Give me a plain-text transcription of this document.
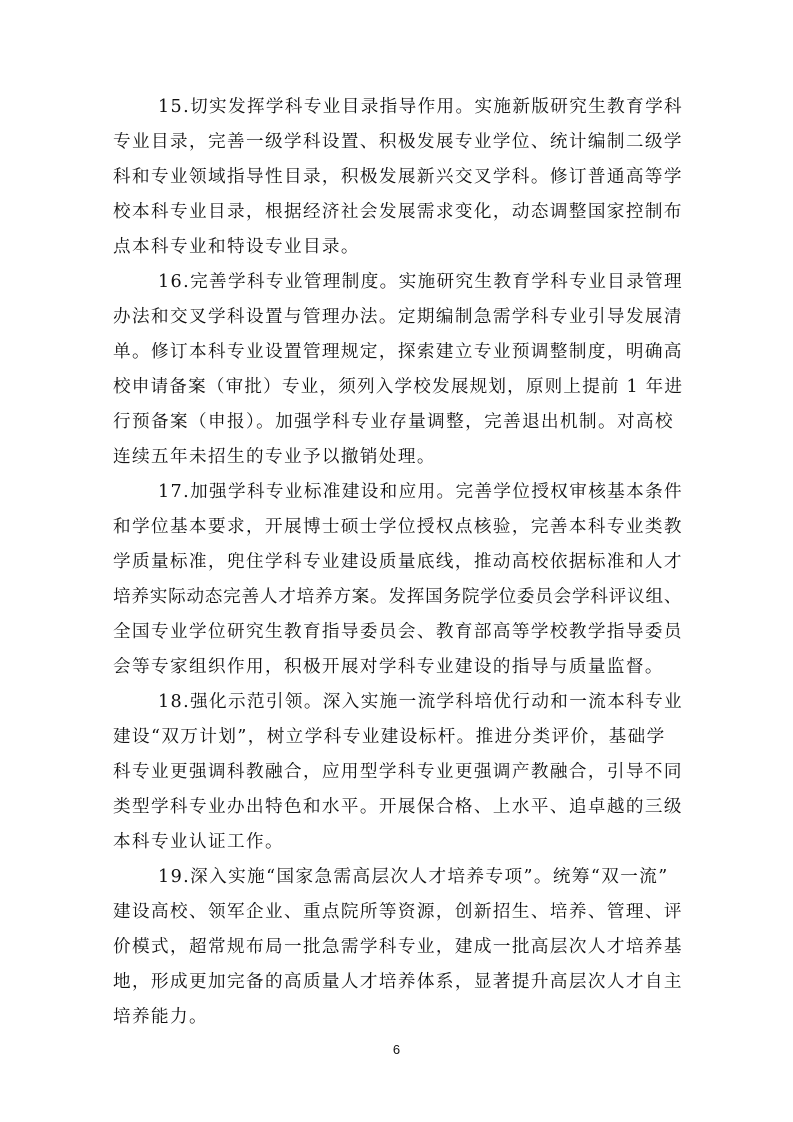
15.切实发挥学科专业目录指导作用。实施新版研究生教育学科
专业目录，完善一级学科设置、积极发展专业学位、统计编制二级学
科和专业领域指导性目录，积极发展新兴交叉学科。修订普通高等学
校本科专业目录，根据经济社会发展需求变化，动态调整国家控制布
点本科专业和特设专业目录。
16.完善学科专业管理制度。实施研究生教育学科专业目录管理
办法和交叉学科设置与管理办法。定期编制急需学科专业引导发展清
单。修订本科专业设置管理规定，探索建立专业预调整制度，明确高
校申请备案（审批）专业，须列入学校发展规划，原则上提前 1 年进
行预备案（申报）。加强学科专业存量调整，完善退出机制。对高校
连续五年未招生的专业予以撤销处理。
17.加强学科专业标准建设和应用。完善学位授权审核基本条件
和学位基本要求，开展博士硕士学位授权点核验，完善本科专业类教
学质量标准，兜住学科专业建设质量底线，推动高校依据标准和人才
培养实际动态完善人才培养方案。发挥国务院学位委员会学科评议组、
全国专业学位研究生教育指导委员会、教育部高等学校教学指导委员
会等专家组织作用，积极开展对学科专业建设的指导与质量监督。
18.强化示范引领。深入实施一流学科培优行动和一流本科专业
建设“双万计划”，树立学科专业建设标杆。推进分类评价，基础学
科专业更强调科教融合，应用型学科专业更强调产教融合，引导不同
类型学科专业办出特色和水平。开展保合格、上水平、追卓越的三级
本科专业认证工作。
19.深入实施“国家急需高层次人才培养专项”。统筹“双一流”
建设高校、领军企业、重点院所等资源，创新招生、培养、管理、评
价模式，超常规布局一批急需学科专业，建成一批高层次人才培养基
地，形成更加完备的高质量人才培养体系，显著提升高层次人才自主
培养能力。
6
